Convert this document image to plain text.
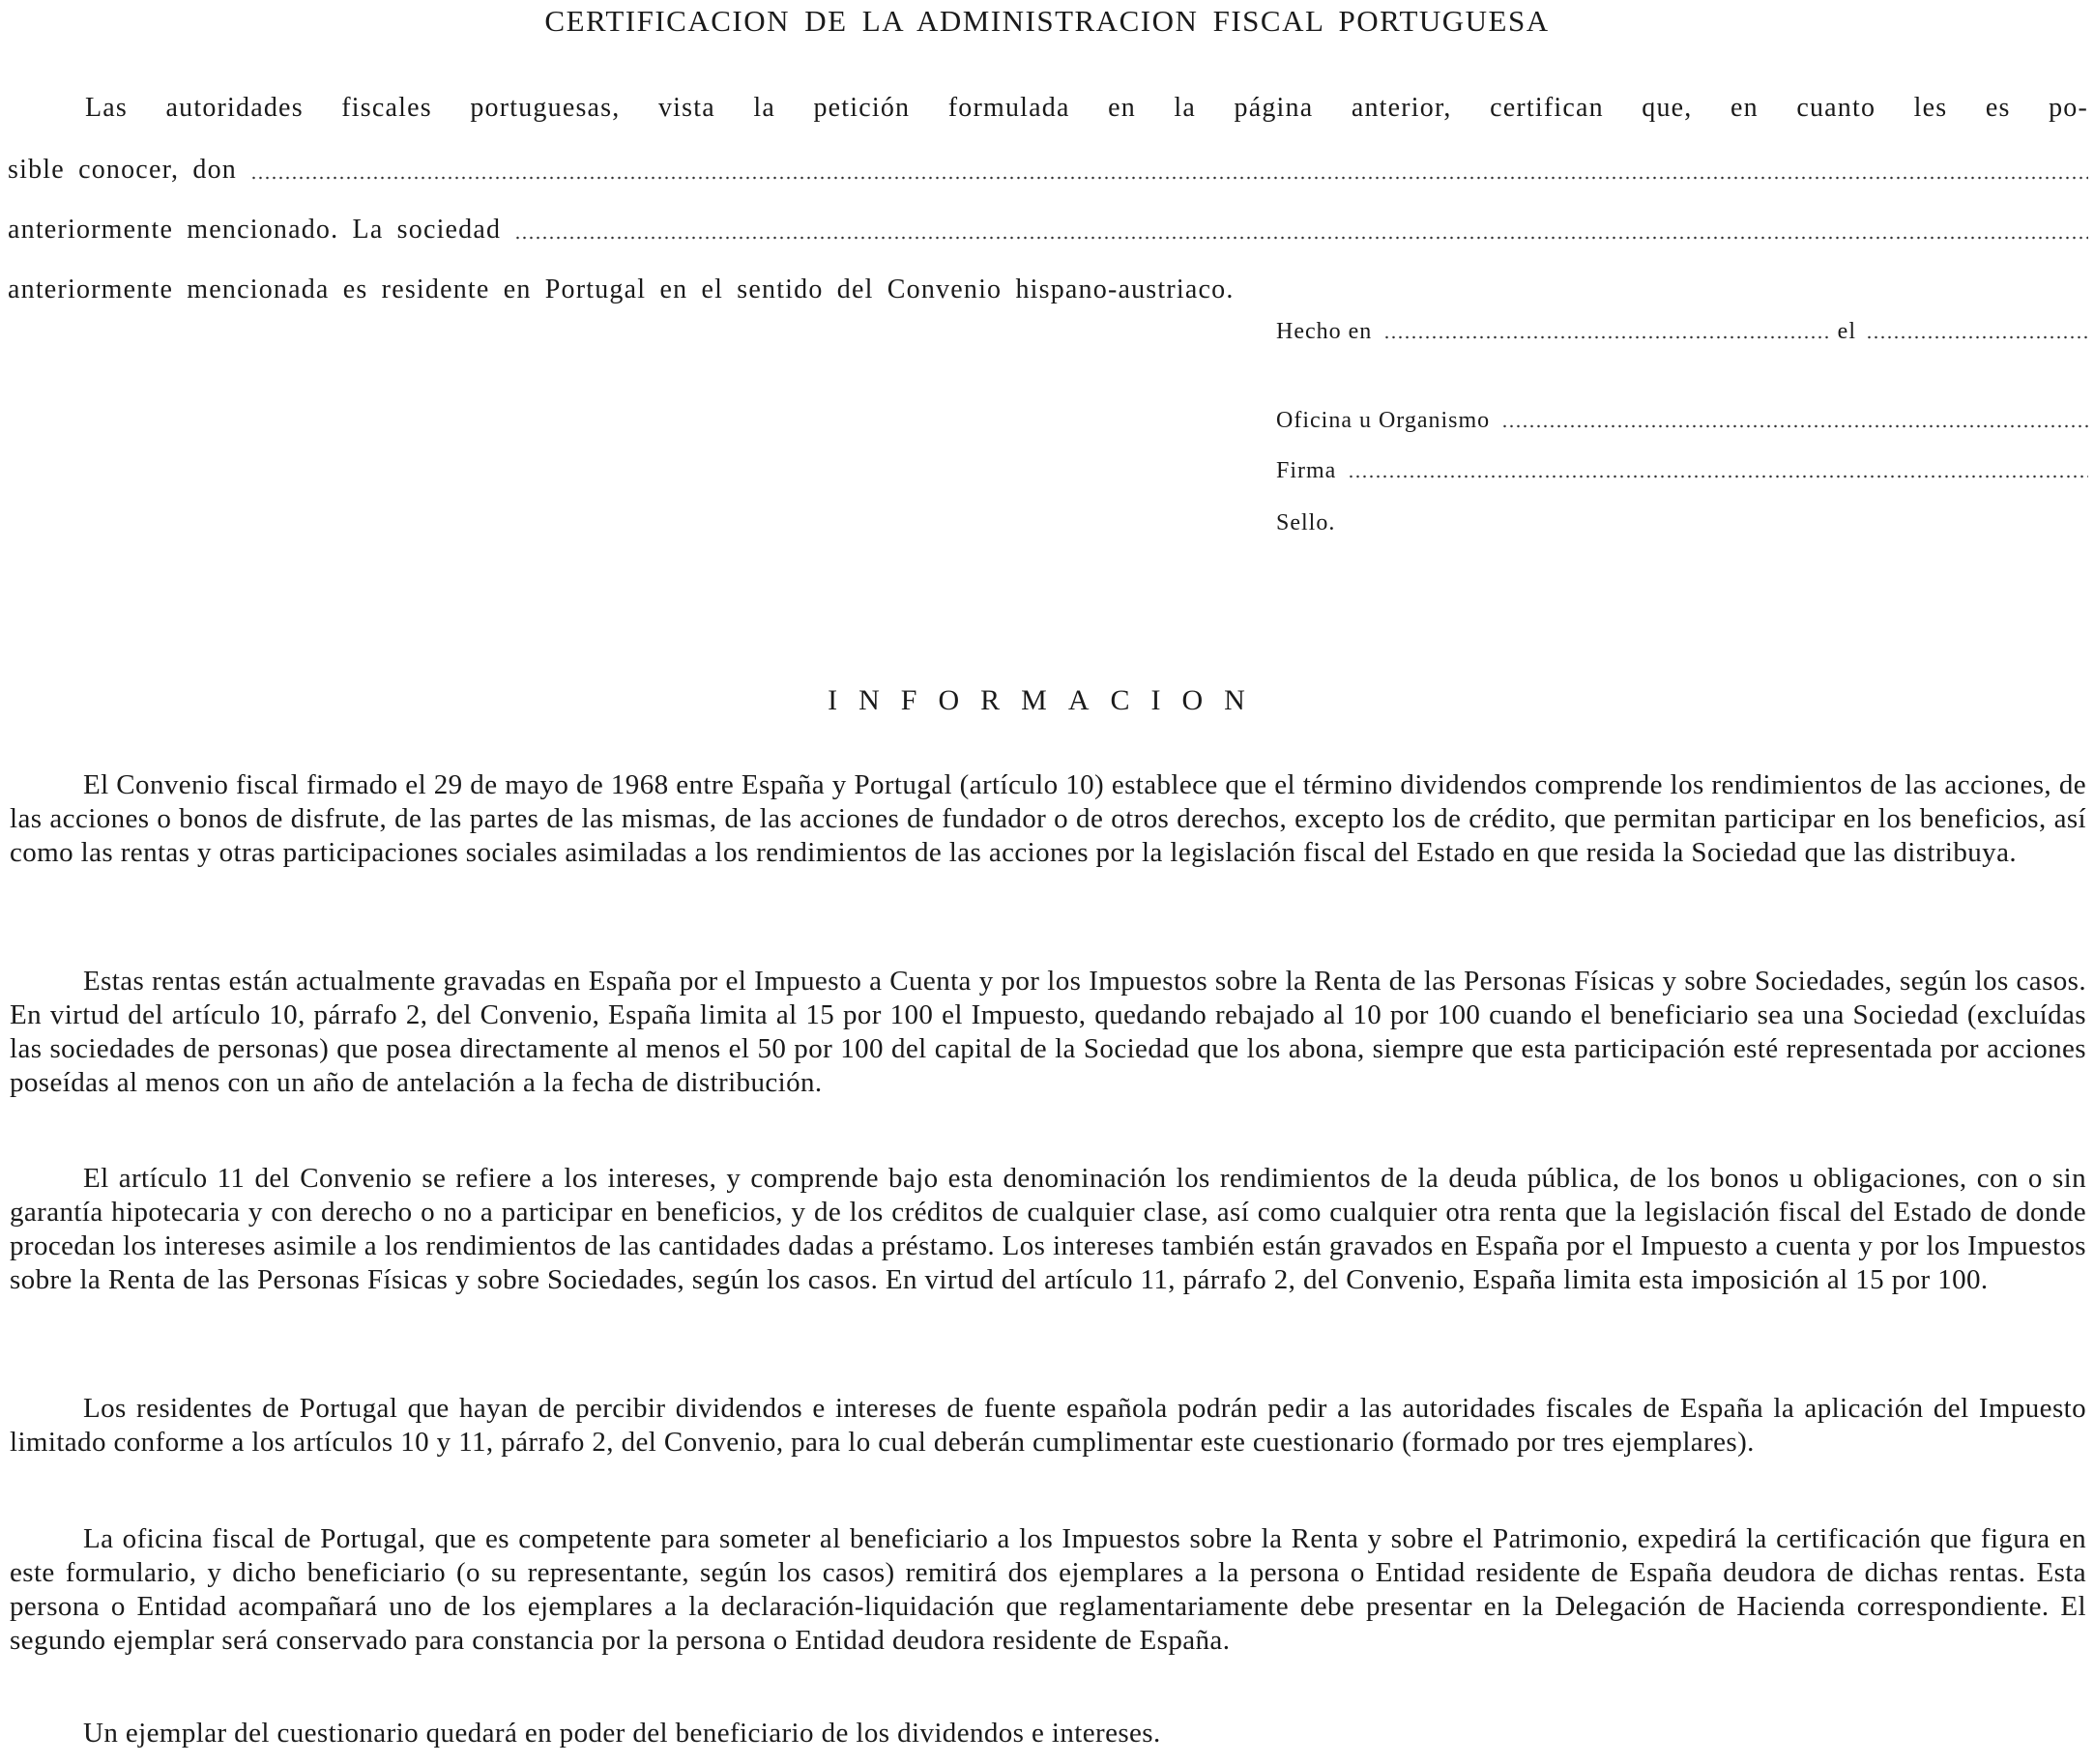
CERTIFICACION DE LA ADMINISTRACION FISCAL PORTUGUESA
Las autoridades fiscales portuguesas, vista la petición formulada en la página anterior, certifican que, en cuanto les es po-
sible conocer, don
anteriormente mencionado. La sociedad
anteriormente mencionada es residente en Portugal en el sentido del Convenio hispano-austriaco.
Hecho en	el
Oficina u Organismo
Firma
Sello.
INFORMACION

El Convenio fiscal firmado el 29 de mayo de 1968 entre España y Portugal (artículo 10) establece que el término dividendos comprende los rendimientos de las acciones, de las acciones o bonos de disfrute, de las partes de las mismas, de las acciones de fundador o de otros derechos, excepto los de crédito, que permitan participar en los beneficios, así como las rentas y otras participaciones sociales asimiladas a los rendimientos de las acciones por la legislación fiscal del Estado en que resida la Sociedad que las distribuya.

Estas rentas están actualmente gravadas en España por el Impuesto a Cuenta y por los Impuestos sobre la Renta de las Personas Físicas y sobre Sociedades, según los casos. En virtud del artículo 10, párrafo 2, del Convenio, España limita al 15 por 100 el Impuesto, quedando rebajado al 10 por 100 cuando el beneficiario sea una Sociedad (excluídas las sociedades de personas) que posea directamente al menos el 50 por 100 del capital de la Sociedad que los abona, siempre que esta participación esté representada por acciones poseídas al menos con un año de antelación a la fecha de distribución.

El artículo 11 del Convenio se refiere a los intereses, y comprende bajo esta denominación los rendimientos de la deuda pública, de los bonos u obligaciones, con o sin garantía hipotecaria y con derecho o no a participar en beneficios, y de los créditos de cualquier clase, así como cualquier otra renta que la legislación fiscal del Estado de donde procedan los intereses asimile a los rendimientos de las cantidades dadas a préstamo. Los intereses también están gravados en España por el Impuesto a cuenta y por los Impuestos sobre la Renta de las Personas Físicas y sobre Sociedades, según los casos. En virtud del artículo 11, párrafo 2, del Convenio, España limita esta imposición al 15 por 100.

Los residentes de Portugal que hayan de percibir dividendos e intereses de fuente española podrán pedir a las autoridades fiscales de España la aplicación del Impuesto limitado conforme a los artículos 10 y 11, párrafo 2, del Convenio, para lo cual deberán cumplimentar este cuestionario (formado por tres ejemplares).

La oficina fiscal de Portugal, que es competente para someter al beneficiario a los Impuestos sobre la Renta y sobre el Patrimonio, expedirá la certificación que figura en este formulario, y dicho beneficiario (o su representante, según los casos) remitirá dos ejemplares a la persona o Entidad residente de España deudora de dichas rentas. Esta persona o Entidad acompañará uno de los ejemplares a la declaración-liquidación que reglamentariamente debe presentar en la Delegación de Hacienda correspondiente. El segundo ejemplar será conservado para constancia por la persona o Entidad deudora residente de España.

Un ejemplar del cuestionario quedará en poder del beneficiario de los dividendos e intereses.
